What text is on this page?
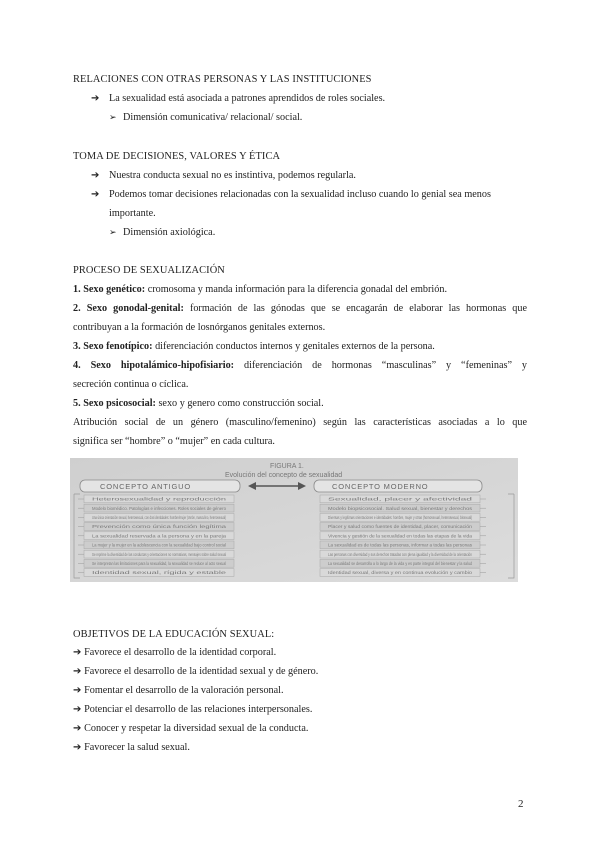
RELACIONES CON OTRAS PERSONAS Y LAS INSTITUCIONES
➔ La sexualidad está asociada a patrones aprendidos de roles sociales.
➢ Dimensión comunicativa/ relacional/ social.
TOMA DE DECISIONES, VALORES Y ÉTICA
➔ Nuestra conducta sexual no es instintiva, podemos regularla.
➔ Podemos tomar decisiones relacionadas con la sexualidad incluso cuando lo genial sea menos
importante.
➢ Dimensión axiológica.
PROCESO DE SEXUALIZACIÓN
1. Sexo genético: cromosoma y manda información para la diferencia gonadal del embrión.
2. Sexo gonodal-genital: formación de las gónodas que se encagarán de elaborar las hormonas que
contribuyan a la formación de losnórganos genitales externos.
3. Sexo fenotípico: diferenciación conductos internos y genitales externos de la persona.
4. Sexo hipotalámico-hipofisiario: diferenciación de hormonas “masculinas” y “femeninas” y
secreción continua o cíclica.
5. Sexo psicosocial: sexo y genero como construcción social.
Atribución social de un género (masculino/femenino) según las características asociadas a lo que
significa ser “hombre” o “mujer” en cada cultura.
FIGURA 1.
Evolución del concepto de sexualidad
CONCEPTO ANTIGUO	CONCEPTO MODERNO
Heterosexualidad y reproducción
Modelo biomédico. Patologías e infecciones. Roles sociales de género
Una única orientación sexual, heterosexual, con dos identidades: hombre/mujer (Varón, masculino, heterosexual)
Prevención como única función legítima
La sexualidad reservada a la persona y en la pareja
La mujer y la mujer en la adolescencia con la sexualidad bajo control social
Se reprime la diversidad de las conductas y orientaciones no normativas, mensajes sobre salud sexual
Se interpretan las limitaciones para la sexualidad, la sexualidad se reduce al acto sexual
Identidad sexual, rígida y estable
Sexualidad, placer y afectividad
Modelo biopsicosocial. Salud sexual, bienestar y derechos
Diversas y legítimas orientaciones e identidades: hombre, mujer y otras (homosexual, heterosexual, bisexual)
Placer y salud como fuentes de identidad, placer, comunicación
Vivencia y gestión de la sexualidad en todas las etapas de la vida
La sexualidad es de todas las personas, informar a todas las personas
Las personas con diversidad y sus derechos tratadas con plena igualdad y la diversidad de la orientación
La sexualidad se desarrolla a lo largo de la vida y es parte integral del bienestar y la salud
Identidad sexual, diversa y en continua evolución y cambio
OBJETIVOS DE LA EDUCACIÓN SEXUAL:
➔ Favorece el desarrollo de la identidad corporal.
➔ Favorece el desarrollo de la identidad sexual y de género.
➔ Fomentar el desarrollo de la valoración personal.
➔ Potenciar el desarrollo de las relaciones interpersonales.
➔ Conocer y respetar la diversidad sexual de la conducta.
➔ Favorecer la salud sexual.
2
